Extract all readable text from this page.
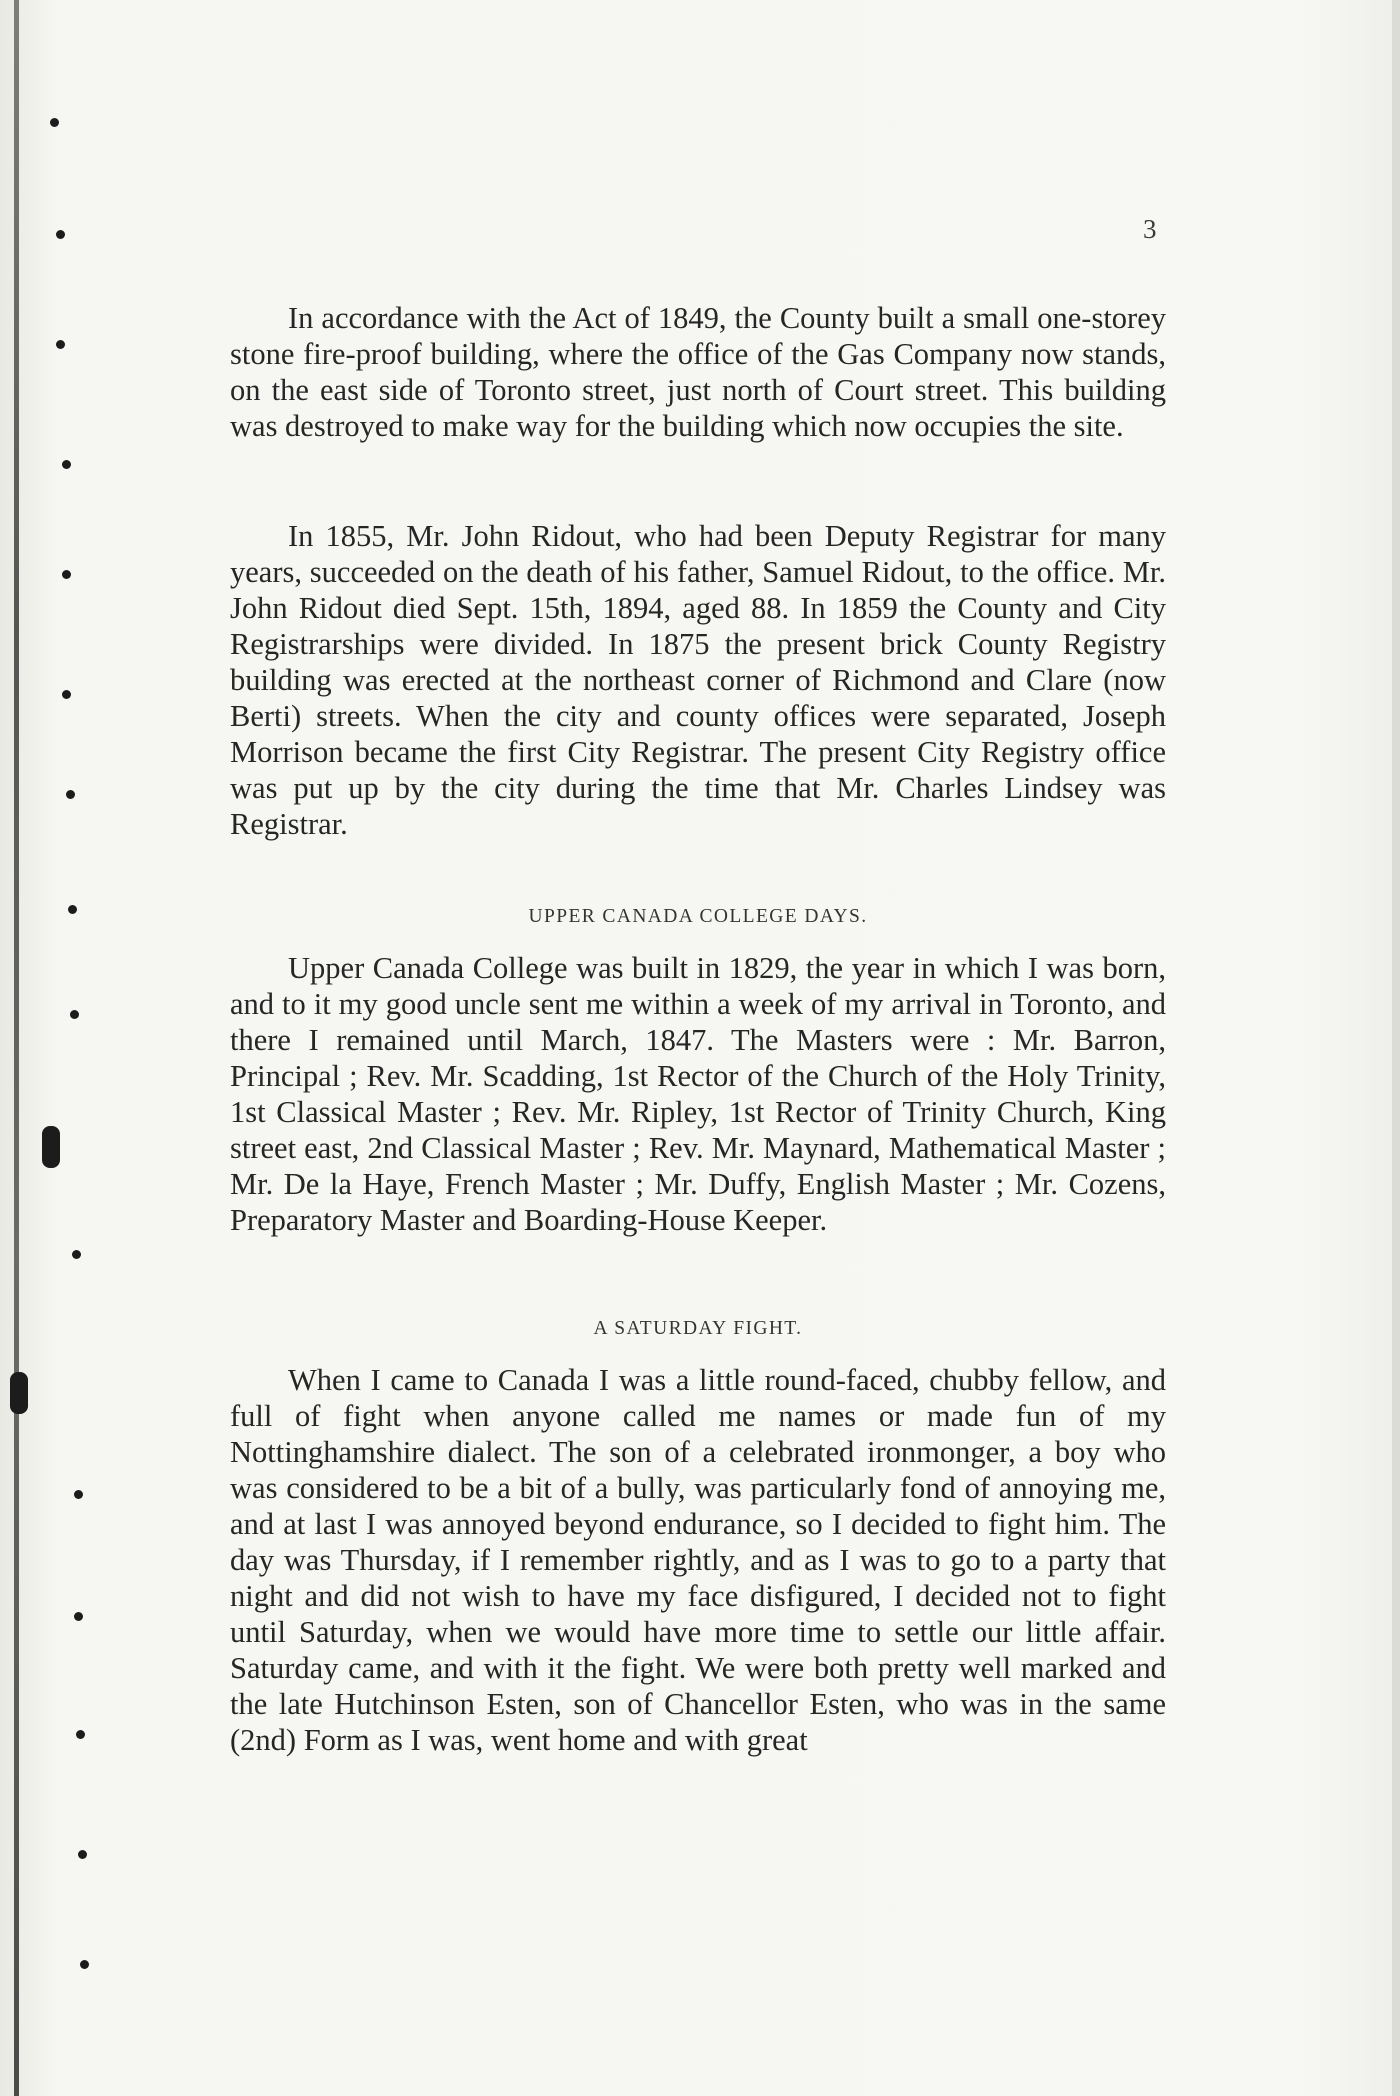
3

In accordance with the Act of 1849, the County built a small one-storey stone fire-proof building, where the office of the Gas Company now stands, on the east side of Toronto street, just north of Court street. This building was destroyed to make way for the building which now occupies the site.

In 1855, Mr. John Ridout, who had been Deputy Registrar for many years, succeeded on the death of his father, Samuel Ridout, to the office. Mr. John Ridout died Sept. 15th, 1894, aged 88. In 1859 the County and City Registrarships were divided. In 1875 the present brick County Registry building was erected at the northeast corner of Richmond and Clare (now Berti) streets. When the city and county offices were separated, Joseph Morrison became the first City Registrar. The present City Registry office was put up by the city during the time that Mr. Charles Lindsey was Registrar.

UPPER CANADA COLLEGE DAYS.

Upper Canada College was built in 1829, the year in which I was born, and to it my good uncle sent me within a week of my arrival in Toronto, and there I remained until March, 1847. The Masters were : Mr. Barron, Principal ; Rev. Mr. Scadding, 1st Rector of the Church of the Holy Trinity, 1st Classical Master ; Rev. Mr. Ripley, 1st Rector of Trinity Church, King street east, 2nd Classical Master ; Rev. Mr. Maynard, Mathematical Master ; Mr. De la Haye, French Master ; Mr. Duffy, English Master ; Mr. Cozens, Preparatory Master and Boarding-House Keeper.

A SATURDAY FIGHT.

When I came to Canada I was a little round-faced, chubby fellow, and full of fight when anyone called me names or made fun of my Nottinghamshire dialect. The son of a celebrated ironmonger, a boy who was considered to be a bit of a bully, was particularly fond of annoying me, and at last I was annoyed beyond endurance, so I decided to fight him. The day was Thursday, if I remember rightly, and as I was to go to a party that night and did not wish to have my face disfigured, I decided not to fight until Saturday, when we would have more time to settle our little affair. Saturday came, and with it the fight. We were both pretty well marked and the late Hutchinson Esten, son of Chancellor Esten, who was in the same (2nd) Form as I was, went home and with great
